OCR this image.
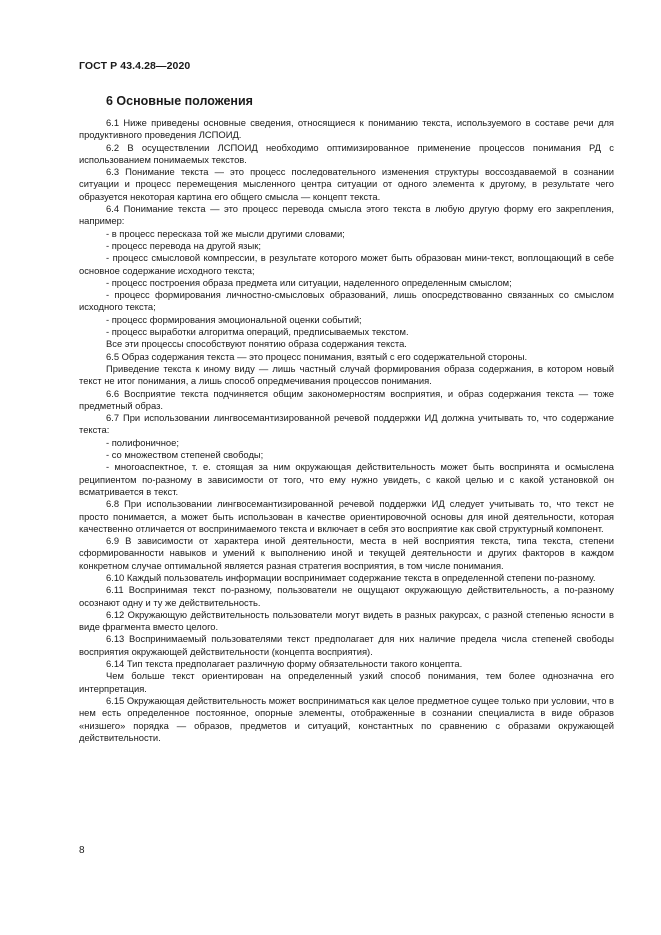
ГОСТ Р 43.4.28—2020
6 Основные положения

6.1 Ниже приведены основные сведения, относящиеся к пониманию текста, используемого в составе речи для продуктивного проведения ЛСПОИД.

6.2 В осуществлении ЛСПОИД необходимо оптимизированное применение процессов понимания РД с использованием понимаемых текстов.

6.3 Понимание текста — это процесс последовательного изменения структуры воссоздаваемой в сознании ситуации и процесс перемещения мысленного центра ситуации от одного элемента к другому, в результате чего образуется некоторая картина его общего смысла — концепт текста.

6.4 Понимание текста — это процесс перевода смысла этого текста в любую другую форму его закрепления, например:

- в процесс пересказа той же мысли другими словами;

- процесс перевода на другой язык;

- процесс смысловой компрессии, в результате которого может быть образован мини-текст, воплощающий в себе основное содержание исходного текста;

- процесс построения образа предмета или ситуации, наделенного определенным смыслом;

- процесс формирования личностно-смысловых образований, лишь опосредствованно связанных со смыслом исходного текста;

- процесс формирования эмоциональной оценки событий;

- процесс выработки алгоритма операций, предписываемых текстом.

Все эти процессы способствуют понятию образа содержания текста.

6.5 Образ содержания текста — это процесс понимания, взятый с его содержательной стороны.

Приведение текста к иному виду — лишь частный случай формирования образа содержания, в котором новый текст не итог понимания, а лишь способ опредмечивания процессов понимания.

6.6 Восприятие текста подчиняется общим закономерностям восприятия, и образ содержания текста — тоже предметный образ.

6.7 При использовании лингвосемантизированной речевой поддержки ИД должна учитывать то, что содержание текста:

- полифоничное;

- со множеством степеней свободы;

- многоаспектное, т. е. стоящая за ним окружающая действительность может быть воспринята и осмыслена реципиентом по-разному в зависимости от того, что ему нужно увидеть, с какой целью и с какой установкой он всматривается в текст.

6.8 При использовании лингвосемантизированной речевой поддержки ИД следует учитывать то, что текст не просто понимается, а может быть использован в качестве ориентировочной основы для иной деятельности, которая качественно отличается от воспринимаемого текста и включает в себя это восприятие как свой структурный компонент.

6.9 В зависимости от характера иной деятельности, места в ней восприятия текста, типа текста, степени сформированности навыков и умений к выполнению иной и текущей деятельности и других факторов в каждом конкретном случае оптимальной является разная стратегия восприятия, в том числе понимания.

6.10 Каждый пользователь информации воспринимает содержание текста в определенной степени по-разному.

6.11 Воспринимая текст по-разному, пользователи не ощущают окружающую действительность, а по-разному осознают одну и ту же действительность.

6.12 Окружающую действительность пользователи могут видеть в разных ракурсах, с разной степенью ясности в виде фрагмента вместо целого.

6.13 Воспринимаемый пользователями текст предполагает для них наличие предела числа степеней свободы восприятия окружающей действительности (концепта восприятия).

6.14 Тип текста предполагает различную форму обязательности такого концепта.

Чем больше текст ориентирован на определенный узкий способ понимания, тем более однозначна его интерпретация.

6.15 Окружающая действительность может восприниматься как целое предметное сущее только при условии, что в нем есть определенное постоянное, опорные элементы, отображенные в сознании специалиста в виде образов «низшего» порядка — образов, предметов и ситуаций, константных по сравнению с образами окружающей действительности.

8
